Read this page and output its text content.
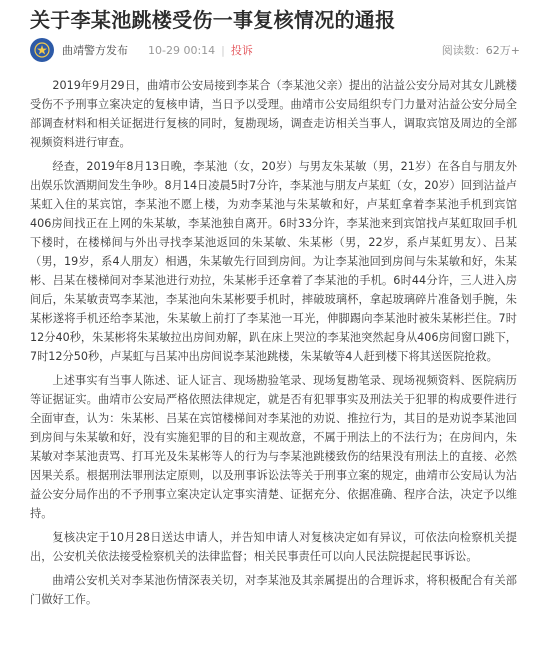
关于李某池跳楼受伤一事复核情况的通报
曲靖警方发布 10-29 00:14 | 投诉	阅读数：62万+

2019年9月29日，曲靖市公安局接到李某合（李某池父亲）提出的沾益公安分局对其女儿跳楼受伤不予刑事立案决定的复核申请，当日予以受理。曲靖市公安局组织专门力量对沾益公安分局全部调查材料和相关证据进行复核的同时，复勘现场，调查走访相关当事人，调取宾馆及周边的全部视频资料进行审查。

经查，2019年8月13日晚，李某池（女，20岁）与男友朱某敏（男，21岁）在各自与朋友外出娱乐饮酒期间发生争吵。8月14日凌晨5时7分许，李某池与朋友卢某虹（女，20岁）回到沾益卢某虹入住的某宾馆，李某池不愿上楼，为劝李某池与朱某敏和好，卢某虹拿着李某池手机到宾馆406房间找正在上网的朱某敏，李某池独自离开。6时33分许，李某池来到宾馆找卢某虹取回手机下楼时，在楼梯间与外出寻找李某池返回的朱某敏、朱某彬（男，22岁，系卢某虹男友）、吕某（男，19岁，系4人朋友）相遇，朱某敏先行回到房间。为让李某池回到房间与朱某敏和好，朱某彬、吕某在楼梯间对李某池进行劝拉，朱某彬手还拿着了李某池的手机。6时44分许，三人进入房间后，朱某敏责骂李某池，李某池向朱某彬要手机时，摔破玻璃杯，拿起玻璃碎片准备划手腕，朱某彬遂将手机还给李某池，朱某敏上前打了李某池一耳光，伸脚踢向李某池时被朱某彬拦住。7时12分40秒，朱某彬将朱某敏拉出房间劝解，趴在床上哭泣的李某池突然起身从406房间窗口跳下，7时12分50秒，卢某虹与吕某冲出房间说李某池跳楼，朱某敏等4人赶到楼下将其送医院抢救。

上述事实有当事人陈述、证人证言、现场勘验笔录、现场复勘笔录、现场视频资料、医院病历等证据证实。曲靖市公安局严格依照法律规定，就是否有犯罪事实及刑法关于犯罪的构成要件进行全面审查，认为：朱某彬、吕某在宾馆楼梯间对李某池的劝说、推拉行为，其目的是劝说李某池回到房间与朱某敏和好，没有实施犯罪的目的和主观故意，不属于刑法上的不法行为；在房间内，朱某敏对李某池责骂、打耳光及朱某彬等人的行为与李某池跳楼致伤的结果没有刑法上的直接、必然因果关系。根据刑法罪刑法定原则，以及刑事诉讼法等关于刑事立案的规定，曲靖市公安局认为沾益公安分局作出的不予刑事立案决定认定事实清楚、证据充分、依据准确、程序合法，决定予以维持。

复核决定于10月28日送达申请人，并告知申请人对复核决定如有异议，可依法向检察机关提出，公安机关依法接受检察机关的法律监督；相关民事责任可以向人民法院提起民事诉讼。

曲靖公安机关对李某池伤情深表关切，对李某池及其亲属提出的合理诉求，将积极配合有关部门做好工作。
